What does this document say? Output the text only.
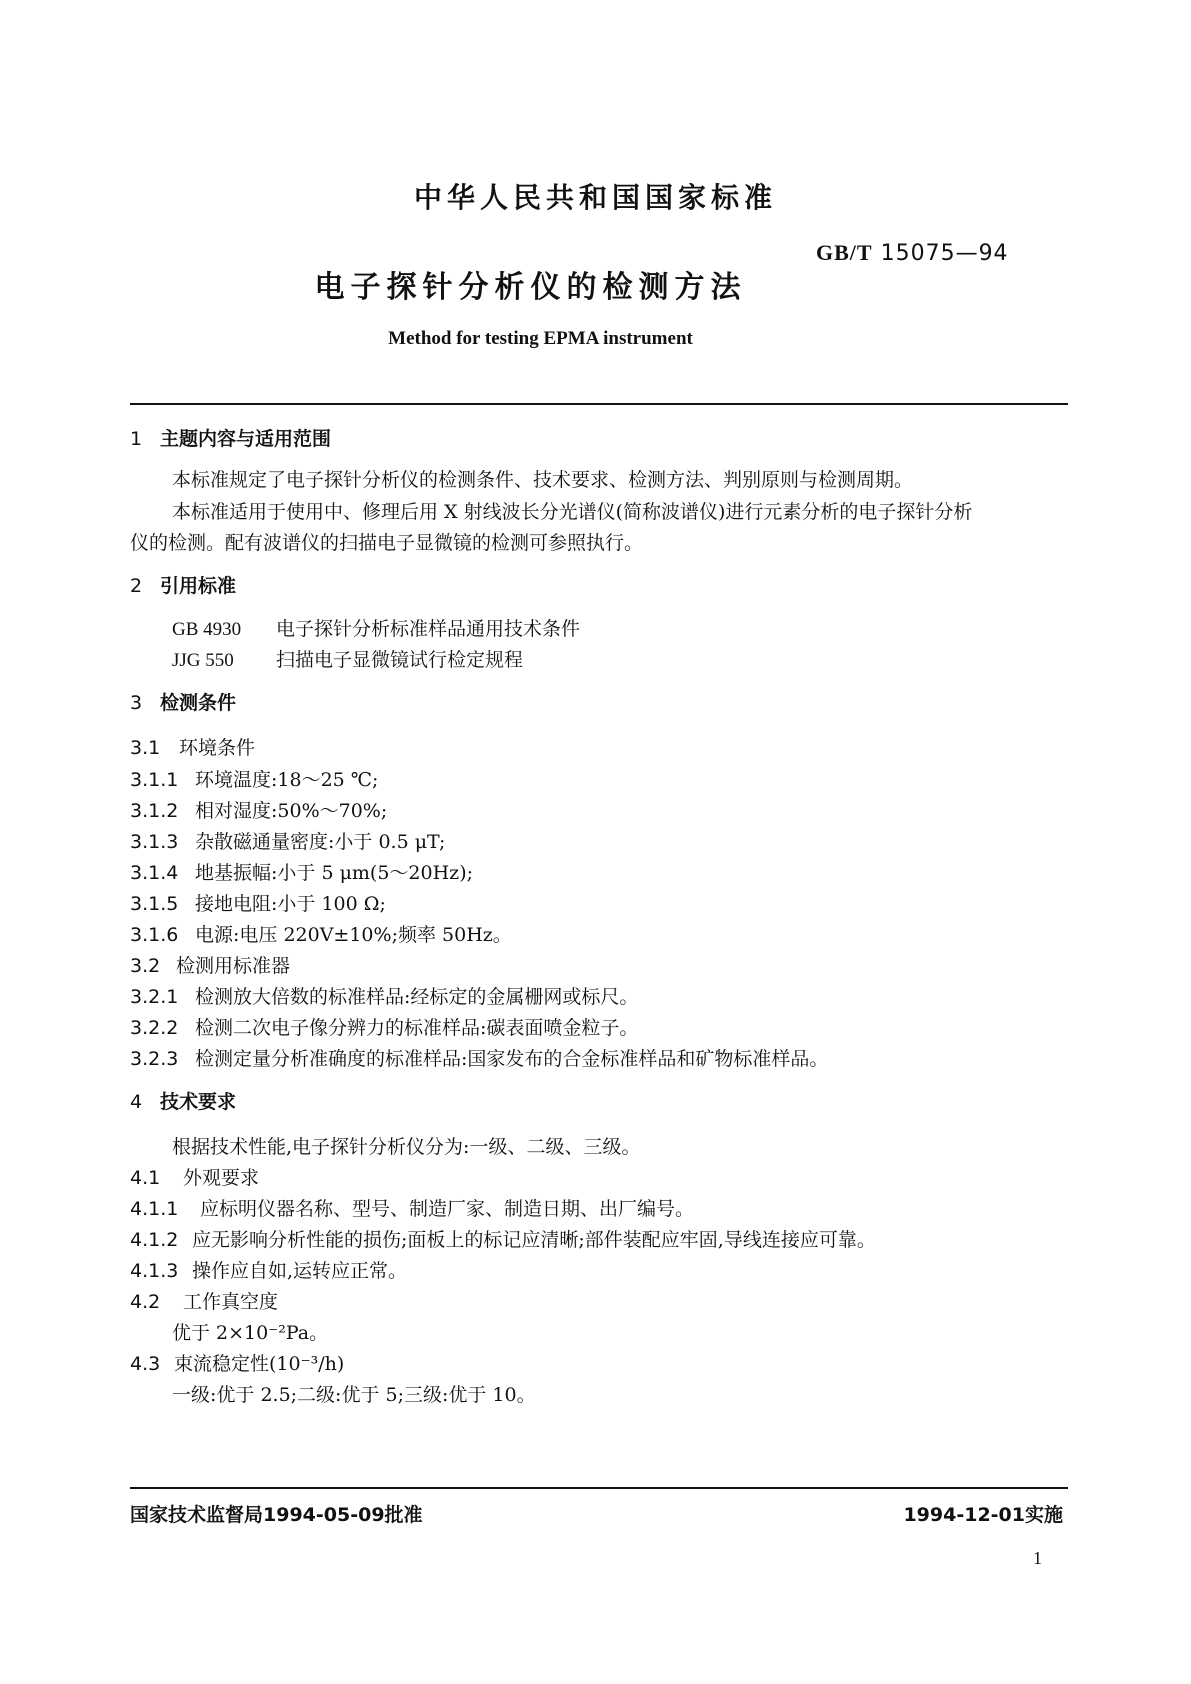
中华人民共和国国家标准
GB/T 15075—94
电子探针分析仪的检测方法
Method for testing EPMA instrument
1 主题内容与适用范围
本标准规定了电子探针分析仪的检测条件、技术要求、检测方法、判别原则与检测周期。
本标准适用于使用中、修理后用 X 射线波长分光谱仪(简称波谱仪)进行元素分析的电子探针分析
仪的检测。配有波谱仪的扫描电子显微镜的检测可参照执行。
2 引用标准
GB 4930 电子探针分析标准样品通用技术条件
JJG 550 扫描电子显微镜试行检定规程
3 检测条件
3.1 环境条件
3.1.1 环境温度:18～25 ℃;
3.1.2 相对湿度:50%～70%;
3.1.3 杂散磁通量密度:小于 0.5 μT;
3.1.4 地基振幅:小于 5 μm(5～20Hz);
3.1.5 接地电阻:小于 100 Ω;
3.1.6 电源:电压 220V±10%;频率 50Hz。
3.2 检测用标准器
3.2.1 检测放大倍数的标准样品:经标定的金属栅网或标尺。
3.2.2 检测二次电子像分辨力的标准样品:碳表面喷金粒子。
3.2.3 检测定量分析准确度的标准样品:国家发布的合金标准样品和矿物标准样品。
4 技术要求
根据技术性能,电子探针分析仪分为:一级、二级、三级。
4.1 外观要求
4.1.1 应标明仪器名称、型号、制造厂家、制造日期、出厂编号。
4.1.2 应无影响分析性能的损伤;面板上的标记应清晰;部件装配应牢固,导线连接应可靠。
4.1.3 操作应自如,运转应正常。
4.2 工作真空度
优于 2×10⁻²Pa。
4.3 束流稳定性(10⁻³/h)
一级:优于 2.5;二级:优于 5;三级:优于 10。
国家技术监督局1994-05-09批准	1994-12-01实施
1
